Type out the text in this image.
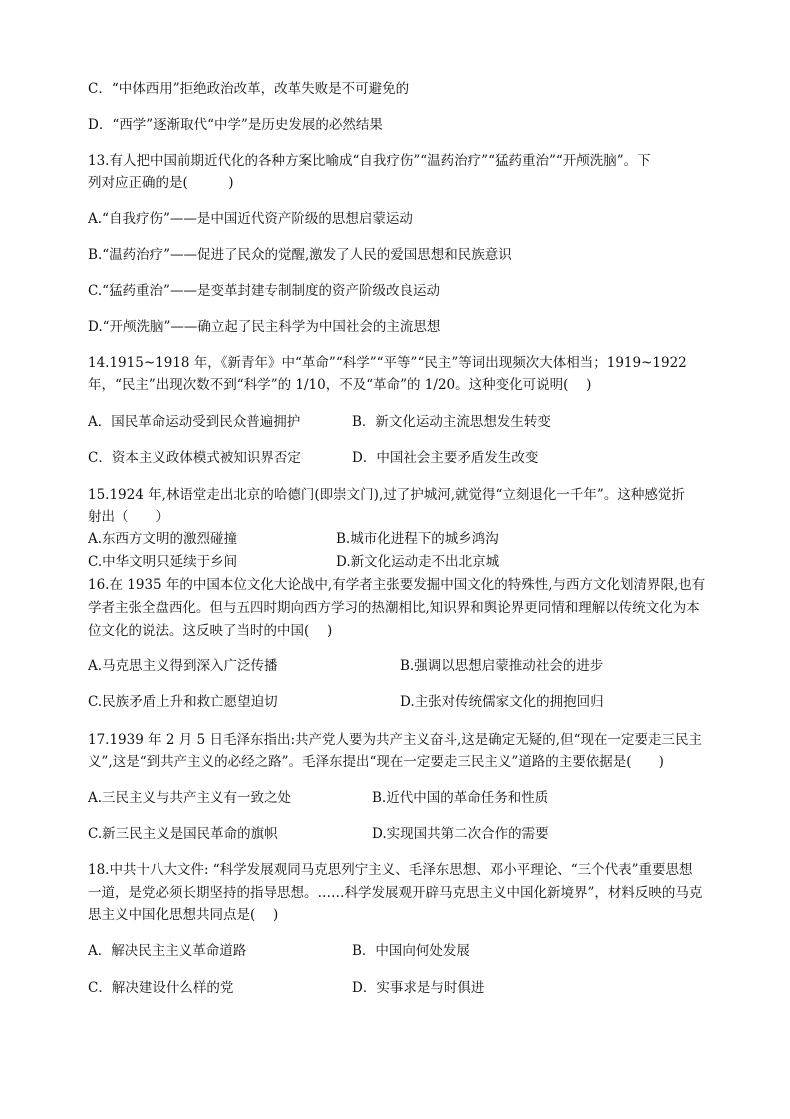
C．“中体西用”拒绝政治改革，改革失败是不可避免的
D．“西学”逐渐取代“中学”是历史发展的必然结果
13.有人把中国前期近代化的各种方案比喻成“自我疗伤”“温药治疗”“猛药重治”“开颅洗脑”。下
列对应正确的是(　　　)
A.“自我疗伤”——是中国近代资产阶级的思想启蒙运动
B.“温药治疗”——促进了民众的觉醒,激发了人民的爱国思想和民族意识
C.“猛药重治”——是变革封建专制制度的资产阶级改良运动
D.“开颅洗脑”——确立起了民主科学为中国社会的主流思想
14.1915~1918 年，《新青年》中“革命”“科学”“平等”“民主”等词出现频次大体相当；1919~1922
年，“民主”出现次数不到“科学”的 1/10，不及“革命”的 1/20。这种变化可说明(　 )
A．国民革命运动受到民众普遍拥护	B．新文化运动主流思想发生转变
C．资本主义政体模式被知识界否定	D．中国社会主要矛盾发生改变
15.1924 年,林语堂走出北京的哈德门(即崇文门),过了护城河,就觉得“立刻退化一千年”。这种感觉折
射出（　　）
A.东西方文明的激烈碰撞	B.城市化进程下的城乡鸿沟
C.中华文明只延续于乡间	D.新文化运动走不出北京城
16.在 1935 年的中国本位文化大论战中,有学者主张要发掘中国文化的特殊性,与西方文化划清界限,也有
学者主张全盘西化。但与五四时期向西方学习的热潮相比,知识界和舆论界更同情和理解以传统文化为本
位文化的说法。这反映了当时的中国(　 )
A.马克思主义得到深入广泛传播	B.强调以思想启蒙推动社会的进步
C.民族矛盾上升和救亡愿望迫切	D.主张对传统儒家文化的拥抱回归
17.1939 年 2 月 5 日毛泽东指出:共产党人要为共产主义奋斗,这是确定无疑的,但“现在一定要走三民主
义”,这是“到共产主义的必经之路”。毛泽东提出“现在一定要走三民主义”道路的主要依据是(　　)
A.三民主义与共产主义有一致之处	B.近代中国的革命任务和性质
C.新三民主义是国民革命的旗帜	D.实现国共第二次合作的需要
18.中共十八大文件: “科学发展观同马克思列宁主义、毛泽东思想、邓小平理论、“三个代表”重要思想
一道，是党必须长期坚持的指导思想。……科学发展观开辟马克思主义中国化新境界”，材料反映的马克
思主义中国化思想共同点是(　 )
A．解决民主主义革命道路	B．中国向何处发展
C．解决建设什么样的党	D．实事求是与时俱进
